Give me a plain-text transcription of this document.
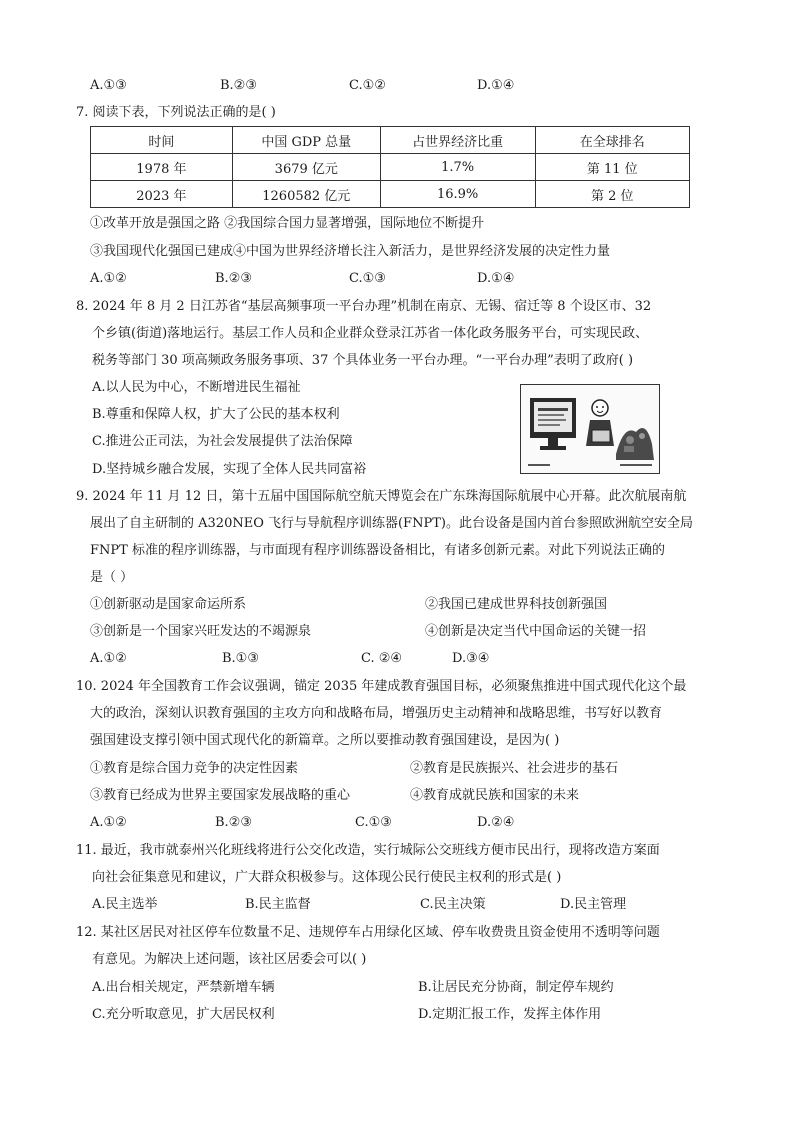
A.①③	B.②③	C.①②	D.①④
7. 阅读下表，下列说法正确的是( )
时间	中国 GDP 总量	占世界经济比重	在全球排名
1978 年	3679 亿元	1.7%	第 11 位
2023 年	1260582 亿元	16.9%	第 2 位
①改革开放是强国之路 ②我国综合国力显著增强，国际地位不断提升
③我国现代化强国已建成④中国为世界经济增长注入新活力，是世界经济发展的决定性力量
A.①②	B.②③	C.①③	D.①④
8. 2024 年 8 月 2 日江苏省“基层高频事项一平台办理”机制在南京、无锡、宿迁等 8 个设区市、32
个乡镇(街道)落地运行。基层工作人员和企业群众登录江苏省一体化政务服务平台，可实现民政、
税务等部门 30 项高频政务服务事项、37 个具体业务一平台办理。“一平台办理”表明了政府( )
A.以人民为中心，不断增进民生福祉
B.尊重和保障人权，扩大了公民的基本权利
C.推进公正司法，为社会发展提供了法治保障
D.坚持城乡融合发展，实现了全体人民共同富裕
9. 2024 年 11 月 12 日，第十五届中国国际航空航天博览会在广东珠海国际航展中心开幕。此次航展南航
展出了自主研制的 A320NEO 飞行与导航程序训练器(FNPT)。此台设备是国内首台参照欧洲航空安全局
FNPT 标准的程序训练器，与市面现有程序训练器设备相比，有诸多创新元素。对此下列说法正确的
是（ ）
①创新驱动是国家命运所系	②我国已建成世界科技创新强国
③创新是一个国家兴旺发达的不竭源泉	④创新是决定当代中国命运的关键一招
A.①②	B.①③	C. ②④	D.③④
10. 2024 年全国教育工作会议强调，锚定 2035 年建成教育强国目标，必须聚焦推进中国式现代化这个最
大的政治，深刻认识教育强国的主攻方向和战略布局，增强历史主动精神和战略思维，书写好以教育
强国建设支撑引领中国式现代化的新篇章。之所以要推动教育强国建设，是因为( )
①教育是综合国力竞争的决定性因素	②教育是民族振兴、社会进步的基石
③教育已经成为世界主要国家发展战略的重心	④教育成就民族和国家的未来
A.①②	B.②③	C.①③	D.②④
11. 最近，我市就泰州兴化班线将进行公交化改造，实行城际公交班线方便市民出行，现将改造方案面
向社会征集意见和建议，广大群众积极参与。这体现公民行使民主权利的形式是( )
A.民主选举	B.民主监督	C.民主决策	D.民主管理
12. 某社区居民对社区停车位数量不足、违规停车占用绿化区域、停车收费贵且资金使用不透明等问题
有意见。为解决上述问题，该社区居委会可以( )
A.出台相关规定，严禁新增车辆	B.让居民充分协商，制定停车规约
C.充分听取意见，扩大居民权利	D.定期汇报工作，发挥主体作用
